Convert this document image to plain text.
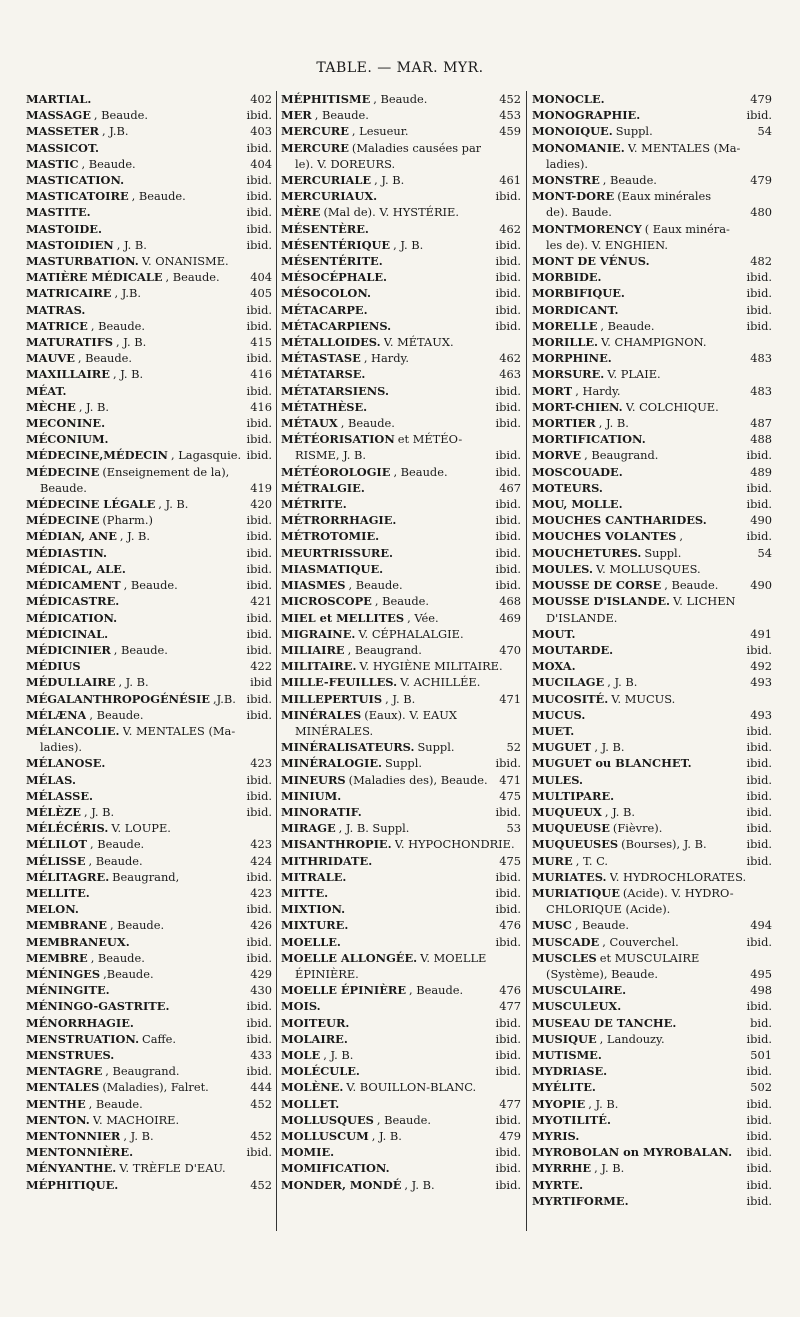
TABLE. — MAR. MYR.
MARTIAL.	402
MASSAGE , Beaude.	ibid.
MASSETER , J.B.	403
MASSICOT.	ibid.
MASTIC , Beaude.	404
MASTICATION.	ibid.
MASTICATOIRE , Beaude.	ibid.
MASTITE.	ibid.
MASTOIDE.	ibid.
MASTOIDIEN , J. B.	ibid.
MASTURBATION. V. ONANISME.
MATIÈRE MÉDICALE , Beaude.	404
MATRICAIRE , J.B.	405
MATRAS.	ibid.
MATRICE , Beaude.	ibid.
MATURATIFS , J. B.	415
MAUVE , Beaude.	ibid.
MAXILLAIRE , J. B.	416
MÉAT.	ibid.
MÈCHE , J. B.	416
MECONINE.	ibid.
MÉCONIUM.	ibid.
MÉDECINE,MÉDECIN , Lagasquie. ibid.
MÉDECINE (Enseignement de la),
Beaude.	419
MÉDECINE LÉGALE , J. B.	420
MÉDECINE (Pharm.)	ibid.
MÉDIAN, ANE , J. B.	ibid.
MÉDIASTIN.	ibid.
MÉDICAL, ALE.	ibid.
MÉDICAMENT , Beaude.	ibid.
MÉDICASTRE.	421
MÉDICATION.	ibid.
MÉDICINAL.	ibid.
MÉDICINIER , Beaude.	ibid.
MÉDIUS	422
MÉDULLAIRE , J. B.	ibid
MÉGALANTHROPOGÉNÉSIE ,J.B. ibid.
MÉLÆNA , Beaude.	ibid.
MÉLANCOLIE. V. MENTALES (Ma-
ladies).
MÉLANOSE.	423
MÉLAS.	ibid.
MÉLASSE.	ibid.
MÉLÈZE , J. B.	ibid.
MÉLÉCÉRIS. V. LOUPE.
MÉLILOT , Beaude.	423
MÉLISSE , Beaude.	424
MÉLITAGRE. Beaugrand,	ibid.
MELLITE.	423
MELON.	ibid.
MEMBRANE , Beaude.	426
MEMBRANEUX.	ibid.
MEMBRE , Beaude.	ibid.
MÉNINGES ,Beaude.	429
MÉNINGITE.	430
MÉNINGO-GASTRITE.	ibid.
MÉNORRHAGIE.	ibid.
MENSTRUATION. Caffe.	ibid.
MENSTRUES.	433
MENTAGRE , Beaugrand.	ibid.
MENTALES (Maladies), Falret.	444
MENTHE , Beaude.	452
MENTON. V. MACHOIRE.
MENTONNIER , J. B.	452
MENTONNIÈRE.	ibid.
MÉNYANTHE. V. TRÈFLE D'EAU.
MÉPHITIQUE.	452
MÉPHITISME , Beaude.	452
MER , Beaude.	453
MERCURE , Lesueur.	459
MERCURE (Maladies causées par
le). V. DOREURS.
MERCURIALE , J. B.	461
MERCURIAUX.	ibid.
MÈRE (Mal de). V. HYSTÉRIE.
MÉSENTÈRE.	462
MÉSENTÉRIQUE , J. B.	ibid.
MÉSENTÉRITE.	ibid.
MÉSOCÉPHALE.	ibid.
MÉSOCOLON.	ibid.
MÉTACARPE.	ibid.
MÉTACARPIENS.	ibid.
MÉTALLOIDES. V. MÉTAUX.
MÉTASTASE , Hardy.	462
MÉTATARSE.	463
MÉTATARSIENS.	ibid.
MÉTATHÈSE.	ibid.
MÉTAUX , Beaude.	ibid.
MÉTÉORISATION et MÉTÉO-
RISME, J. B.	ibid.
MÉTÉOROLOGIE , Beaude.	ibid.
MÉTRALGIE.	467
MÉTRITE.	ibid.
MÉTRORRHAGIE.	ibid.
MÉTROTOMIE.	ibid.
MEURTRISSURE.	ibid.
MIASMATIQUE.	ibid.
MIASMES , Beaude.	ibid.
MICROSCOPE , Beaude.	468
MIEL et MELLITES , Vée.	469
MIGRAINE. V. CÉPHALALGIE.
MILIAIRE , Beaugrand.	470
MILITAIRE. V. HYGIÈNE MILITAIRE.
MILLE-FEUILLES. V. ACHILLÉE.
MILLEPERTUIS , J. B.	471
MINÉRALES (Eaux). V. EAUX
MINÉRALES.
MINÉRALISATEURS. Suppl.	52
MINÉRALOGIE. Suppl.	ibid.
MINEURS (Maladies des), Beaude.	471
MINIUM.	475
MINORATIF.	ibid.
MIRAGE , J. B. Suppl.	53
MISANTHROPIE. V. HYPOCHONDRIE.
MITHRIDATE.	475
MITRALE.	ibid.
MITTE.	ibid.
MIXTION.	ibid.
MIXTURE.	476
MOELLE.	ibid.
MOELLE ALLONGÉE. V. MOELLE
ÉPINIÈRE.
MOELLE ÉPINIÈRE , Beaude.	476
MOIS.	477
MOITEUR.	ibid.
MOLAIRE.	ibid.
MOLE , J. B.	ibid.
MOLÉCULE.	ibid.
MOLÈNE. V. BOUILLON-BLANC.
MOLLET.	477
MOLLUSQUES , Beaude.	ibid.
MOLLUSCUM , J. B.	479
MOMIE.	ibid.
MOMIFICATION.	ibid.
MONDER, MONDÉ , J. B.	ibid.
MONOCLE.	479
MONOGRAPHIE.	ibid.
MONOIQUE. Suppl.	54
MONOMANIE. V. MENTALES (Ma-
ladies).
MONSTRE , Beaude.	479
MONT-DORE (Eaux minérales
de). Baude.	480
MONTMORENCY ( Eaux minéra-
les de). V. ENGHIEN.
MONT DE VÉNUS.	482
MORBIDE.	ibid.
MORBIFIQUE.	ibid.
MORDICANT.	ibid.
MORELLE , Beaude.	ibid.
MORILLE. V. CHAMPIGNON.
MORPHINE.	483
MORSURE. V. PLAIE.
MORT , Hardy.	483
MORT-CHIEN. V. COLCHIQUE.
MORTIER , J. B.	487
MORTIFICATION.	488
MORVE , Beaugrand.	ibid.
MOSCOUADE.	489
MOTEURS.	ibid.
MOU, MOLLE.	ibid.
MOUCHES CANTHARIDES.	490
MOUCHES VOLANTES ,	ibid.
MOUCHETURES. Suppl.	54
MOULES. V. MOLLUSQUES.
MOUSSE DE CORSE , Beaude.	490
MOUSSE D'ISLANDE. V. LICHEN
D'ISLANDE.
MOUT.	491
MOUTARDE.	ibid.
MOXA.	492
MUCILAGE , J. B.	493
MUCOSITÉ. V. MUCUS.
MUCUS.	493
MUET.	ibid.
MUGUET , J. B.	ibid.
MUGUET ou BLANCHET.	ibid.
MULES.	ibid.
MULTIPARE.	ibid.
MUQUEUX , J. B.	ibid.
MUQUEUSE (Fièvre).	ibid.
MUQUEUSES (Bourses), J. B.	ibid.
MURE , T. C.	ibid.
MURIATES. V. HYDROCHLORATES.
MURIATIQUE (Acide). V. HYDRO-
CHLORIQUE (Acide).
MUSC , Beaude.	494
MUSCADE , Couverchel.	ibid.
MUSCLES et MUSCULAIRE
(Système), Beaude.	495
MUSCULAIRE.	498
MUSCULEUX.	ibid.
MUSEAU DE TANCHE.	bid.
MUSIQUE , Landouzy.	ibid.
MUTISME.	501
MYDRIASE.	ibid.
MYÉLITE.	502
MYOPIE , J. B.	ibid.
MYOTILITÉ.	ibid.
MYRIS.	ibid.
MYROBOLAN on MYROBALAN.	ibid.
MYRRHE , J. B.	ibid.
MYRTE.	ibid.
MYRTIFORME.	ibid.
